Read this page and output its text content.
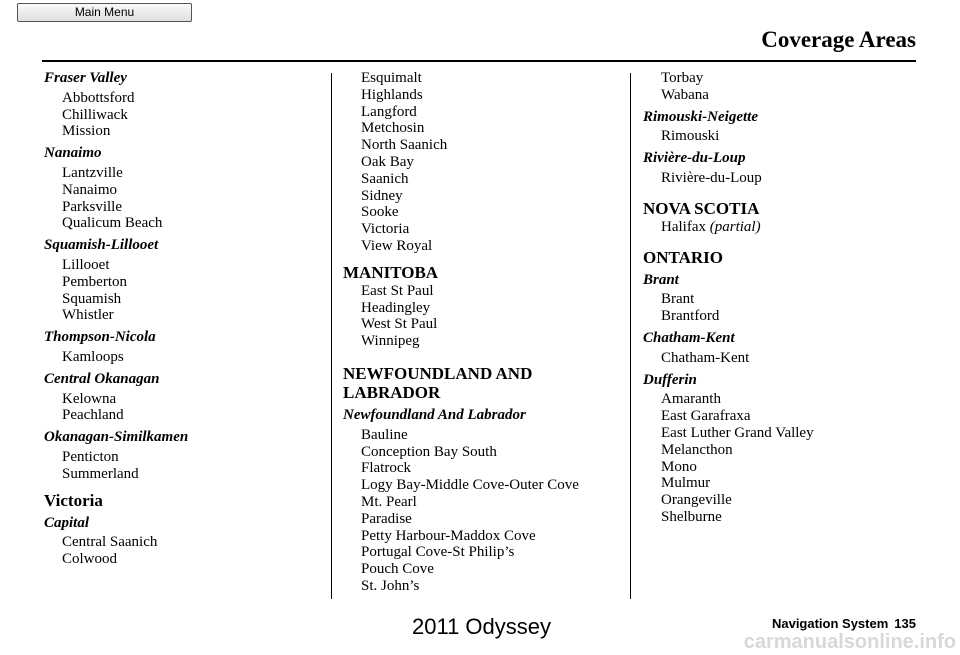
Main Menu
Coverage Areas
Fraser Valley
Abbottsford
Chilliwack
Mission
Nanaimo
Lantzville
Nanaimo
Parksville
Qualicum Beach
Squamish-Lillooet
Lillooet
Pemberton
Squamish
Whistler
Thompson-Nicola
Kamloops
Central Okanagan
Kelowna
Peachland
Okanagan-Similkamen
Penticton
Summerland
Victoria
Capital
Central Saanich
Colwood
Esquimalt
Highlands
Langford
Metchosin
North Saanich
Oak Bay
Saanich
Sidney
Sooke
Victoria
View Royal
MANITOBA
East St Paul
Headingley
West St Paul
Winnipeg
NEWFOUNDLAND AND
LABRADOR
Newfoundland And Labrador
Bauline
Conception Bay South
Flatrock
Logy Bay-Middle Cove-Outer Cove
Mt. Pearl
Paradise
Petty Harbour-Maddox Cove
Portugal Cove-St Philip’s
Pouch Cove
St. John’s
Torbay
Wabana
Rimouski-Neigette
Rimouski
Rivière-du-Loup
Rivière-du-Loup
NOVA SCOTIA
Halifax (partial)
ONTARIO
Brant
Brant
Brantford
Chatham-Kent
Chatham-Kent
Dufferin
Amaranth
East Garafraxa
East Luther Grand Valley
Melancthon
Mono
Mulmur
Orangeville
Shelburne
2011 Odyssey	Navigation System 135
carmanualsonline.info
